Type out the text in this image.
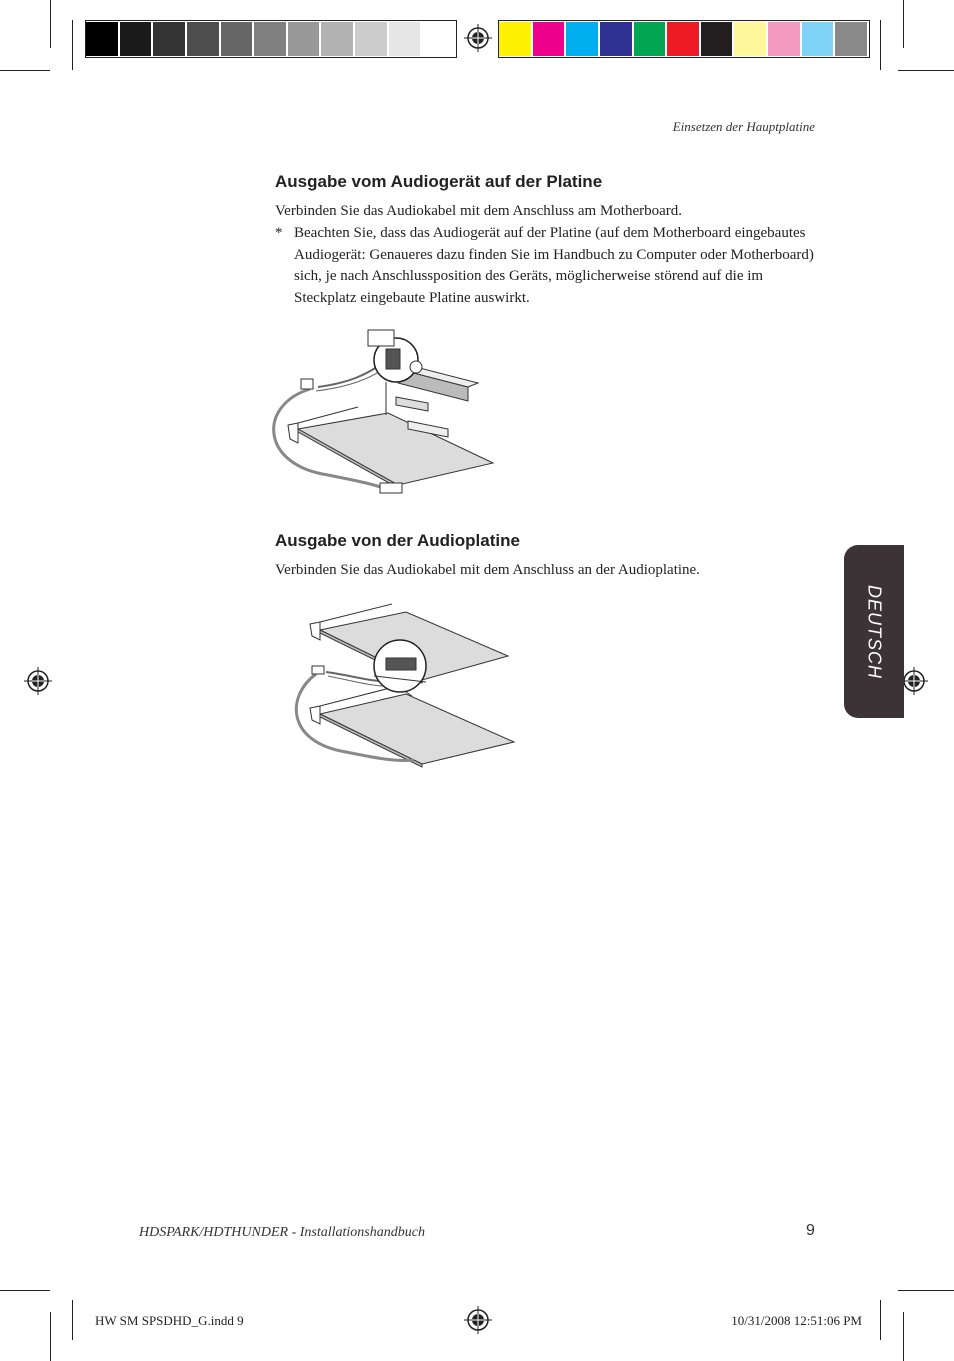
Einsetzen der Hauptplatine
Ausgabe vom Audiogerät auf der Platine
Verbinden Sie das Audiokabel mit dem Anschluss am Motherboard.
* Beachten Sie, dass das Audiogerät auf der Platine (auf dem Motherboard eingebautes Audiogerät: Genaueres dazu finden Sie im Handbuch zu Computer oder Motherboard) sich, je nach Anschlussposition des Geräts, möglicherweise störend auf die im Steckplatz eingebaute Platine auswirkt.
Ausgabe von der Audioplatine
Verbinden Sie das Audiokabel mit dem Anschluss an der Audioplatine.
DEUTSCH
HDSPARK/HDTHUNDER - Installationshandbuch	9
HW SM SPSDHD_G.indd 9	10/31/2008 12:51:06 PM
